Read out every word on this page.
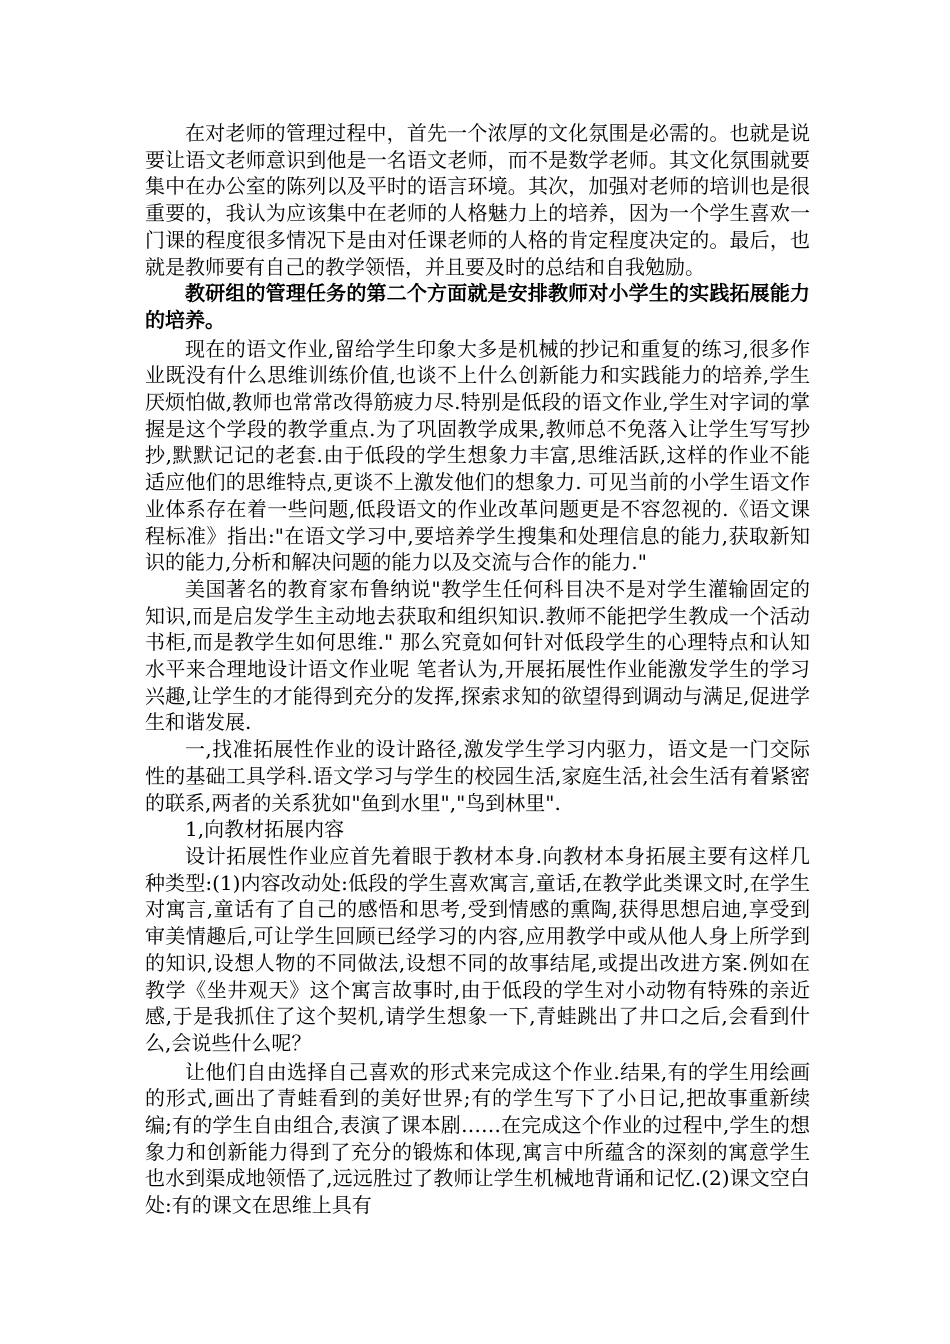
在对老师的管理过程中，首先一个浓厚的文化氛围是必需的。也就是说要让语文老师意识到他是一名语文老师，而不是数学老师。其文化氛围就要集中在办公室的陈列以及平时的语言环境。其次，加强对老师的培训也是很重要的，我认为应该集中在老师的人格魅力上的培养，因为一个学生喜欢一门课的程度很多情况下是由对任课老师的人格的肯定程度决定的。最后，也就是教师要有自己的教学领悟，并且要及时的总结和自我勉励。

教研组的管理任务的第二个方面就是安排教师对小学生的实践拓展能力的培养。

现在的语文作业,留给学生印象大多是机械的抄记和重复的练习,很多作业既没有什么思维训练价值,也谈不上什么创新能力和实践能力的培养,学生厌烦怕做,教师也常常改得筋疲力尽.特别是低段的语文作业,学生对字词的掌握是这个学段的教学重点.为了巩固教学成果,教师总不免落入让学生写写抄抄,默默记记的老套.由于低段的学生想象力丰富,思维活跃,这样的作业不能适应他们的思维特点,更谈不上激发他们的想象力. 可见当前的小学生语文作业体系存在着一些问题,低段语文的作业改革问题更是不容忽视的.《语文课程标准》指出:"在语文学习中,要培养学生搜集和处理信息的能力,获取新知识的能力,分析和解决问题的能力以及交流与合作的能力."

美国著名的教育家布鲁纳说"教学生任何科目决不是对学生灌输固定的知识,而是启发学生主动地去获取和组织知识.教师不能把学生教成一个活动书柜,而是教学生如何思维." 那么究竟如何针对低段学生的心理特点和认知水平来合理地设计语文作业呢 笔者认为,开展拓展性作业能激发学生的学习兴趣,让学生的才能得到充分的发挥,探索求知的欲望得到调动与满足,促进学生和谐发展.

一,找准拓展性作业的设计路径,激发学生学习内驱力，语文是一门交际性的基础工具学科.语文学习与学生的校园生活,家庭生活,社会生活有着紧密的联系,两者的关系犹如"鱼到水里","鸟到林里".

1,向教材拓展内容

设计拓展性作业应首先着眼于教材本身.向教材本身拓展主要有这样几种类型:(1)内容改动处:低段的学生喜欢寓言,童话,在教学此类课文时,在学生对寓言,童话有了自己的感悟和思考,受到情感的熏陶,获得思想启迪,享受到审美情趣后,可让学生回顾已经学习的内容,应用教学中或从他人身上所学到的知识,设想人物的不同做法,设想不同的故事结尾,或提出改进方案.例如在教学《坐井观天》这个寓言故事时,由于低段的学生对小动物有特殊的亲近感,于是我抓住了这个契机,请学生想象一下,青蛙跳出了井口之后,会看到什么,会说些什么呢？

让他们自由选择自己喜欢的形式来完成这个作业.结果,有的学生用绘画的形式,画出了青蛙看到的美好世界;有的学生写下了小日记,把故事重新续编;有的学生自由组合,表演了课本剧……在完成这个作业的过程中,学生的想象力和创新能力得到了充分的锻炼和体现,寓言中所蕴含的深刻的寓意学生也水到渠成地领悟了,远远胜过了教师让学生机械地背诵和记忆.(2)课文空白处:有的课文在思维上具有
